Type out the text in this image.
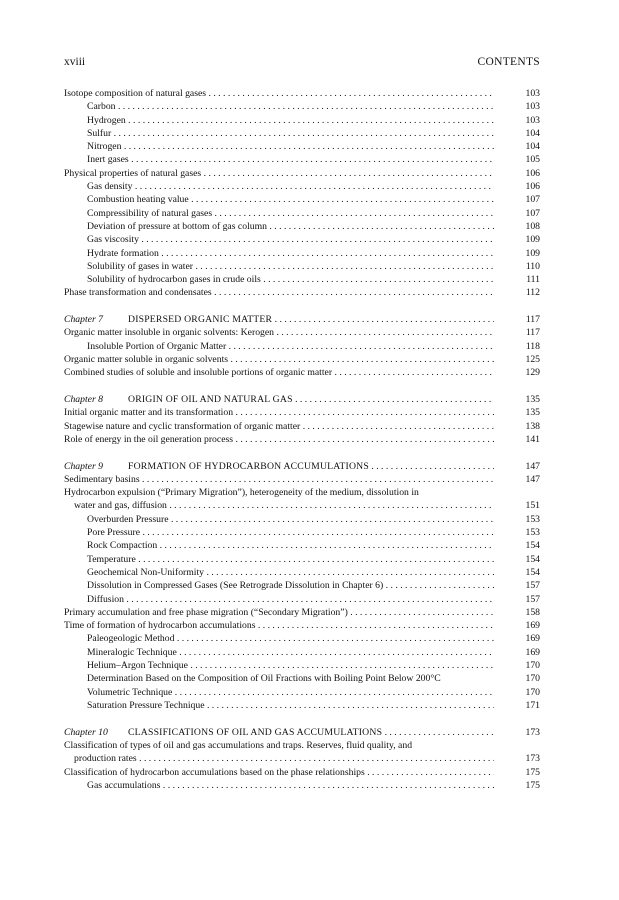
xviii	CONTENTS
Isotope composition of natural gases . . .	103
Carbon . . .	103
Hydrogen . . .	103
Sulfur . . .	104
Nitrogen . . .	104
Inert gases . . .	105
Physical properties of natural gases . . .	106
Gas density . . .	106
Combustion heating value . . .	107
Compressibility of natural gases . . .	107
Deviation of pressure at bottom of gas column . . .	108
Gas viscosity . . .	109
Hydrate formation . . .	109
Solubility of gases in water . . .	110
Solubility of hydrocarbon gases in crude oils . . .	111
Phase transformation and condensates . . .	112
Chapter 7	DISPERSED ORGANIC MATTER . . .	117
Organic matter insoluble in organic solvents: Kerogen . . .	117
Insoluble Portion of Organic Matter . . .	118
Organic matter soluble in organic solvents . . .	125
Combined studies of soluble and insoluble portions of organic matter . . .	129
Chapter 8	ORIGIN OF OIL AND NATURAL GAS . . .	135
Initial organic matter and its transformation . . .	135
Stagewise nature and cyclic transformation of organic matter . . .	138
Role of energy in the oil generation process . . .	141
Chapter 9	FORMATION OF HYDROCARBON ACCUMULATIONS . . .	147
Sedimentary basins . . .	147
Hydrocarbon expulsion (“Primary Migration”), heterogeneity of the medium, dissolution in
water and gas, diffusion . . .	151
Overburden Pressure . . .	153
Pore Pressure . . .	153
Rock Compaction . . .	154
Temperature . . .	154
Geochemical Non-Uniformity . . .	154
Dissolution in Compressed Gases (See Retrograde Dissolution in Chapter 6) . . .	157
Diffusion . . .	157
Primary accumulation and free phase migration (“Secondary Migration”) . . .	158
Time of formation of hydrocarbon accumulations . . .	169
Paleogeologic Method . . .	169
Mineralogic Technique . . .	169
Helium–Argon Technique . . .	170
Determination Based on the Composition of Oil Fractions with Boiling Point Below 200°C	170
Volumetric Technique . . .	170
Saturation Pressure Technique . . .	171
Chapter 10 CLASSIFICATIONS OF OIL AND GAS ACCUMULATIONS . . .	173
Classification of types of oil and gas accumulations and traps. Reserves, fluid quality, and
production rates . . .	173
Classification of hydrocarbon accumulations based on the phase relationships . . .	175
Gas accumulations . . .	175
